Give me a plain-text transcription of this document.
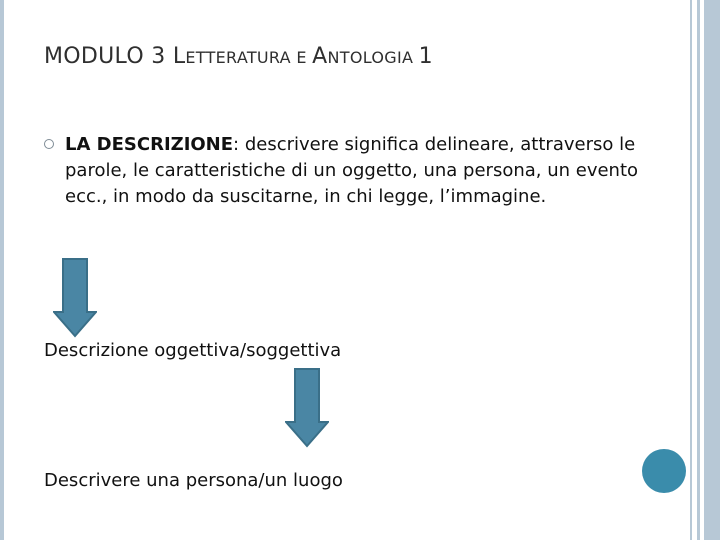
MODULO 3 LETTERATURA E ANTOLOGIA 1
LA DESCRIZIONE: descrivere significa delineare, attraverso le parole, le caratteristiche di un oggetto, una persona, un evento ecc., in modo da suscitarne, in chi legge, l’immagine.
Descrizione oggettiva/soggettiva
Descrivere una persona/un luogo
